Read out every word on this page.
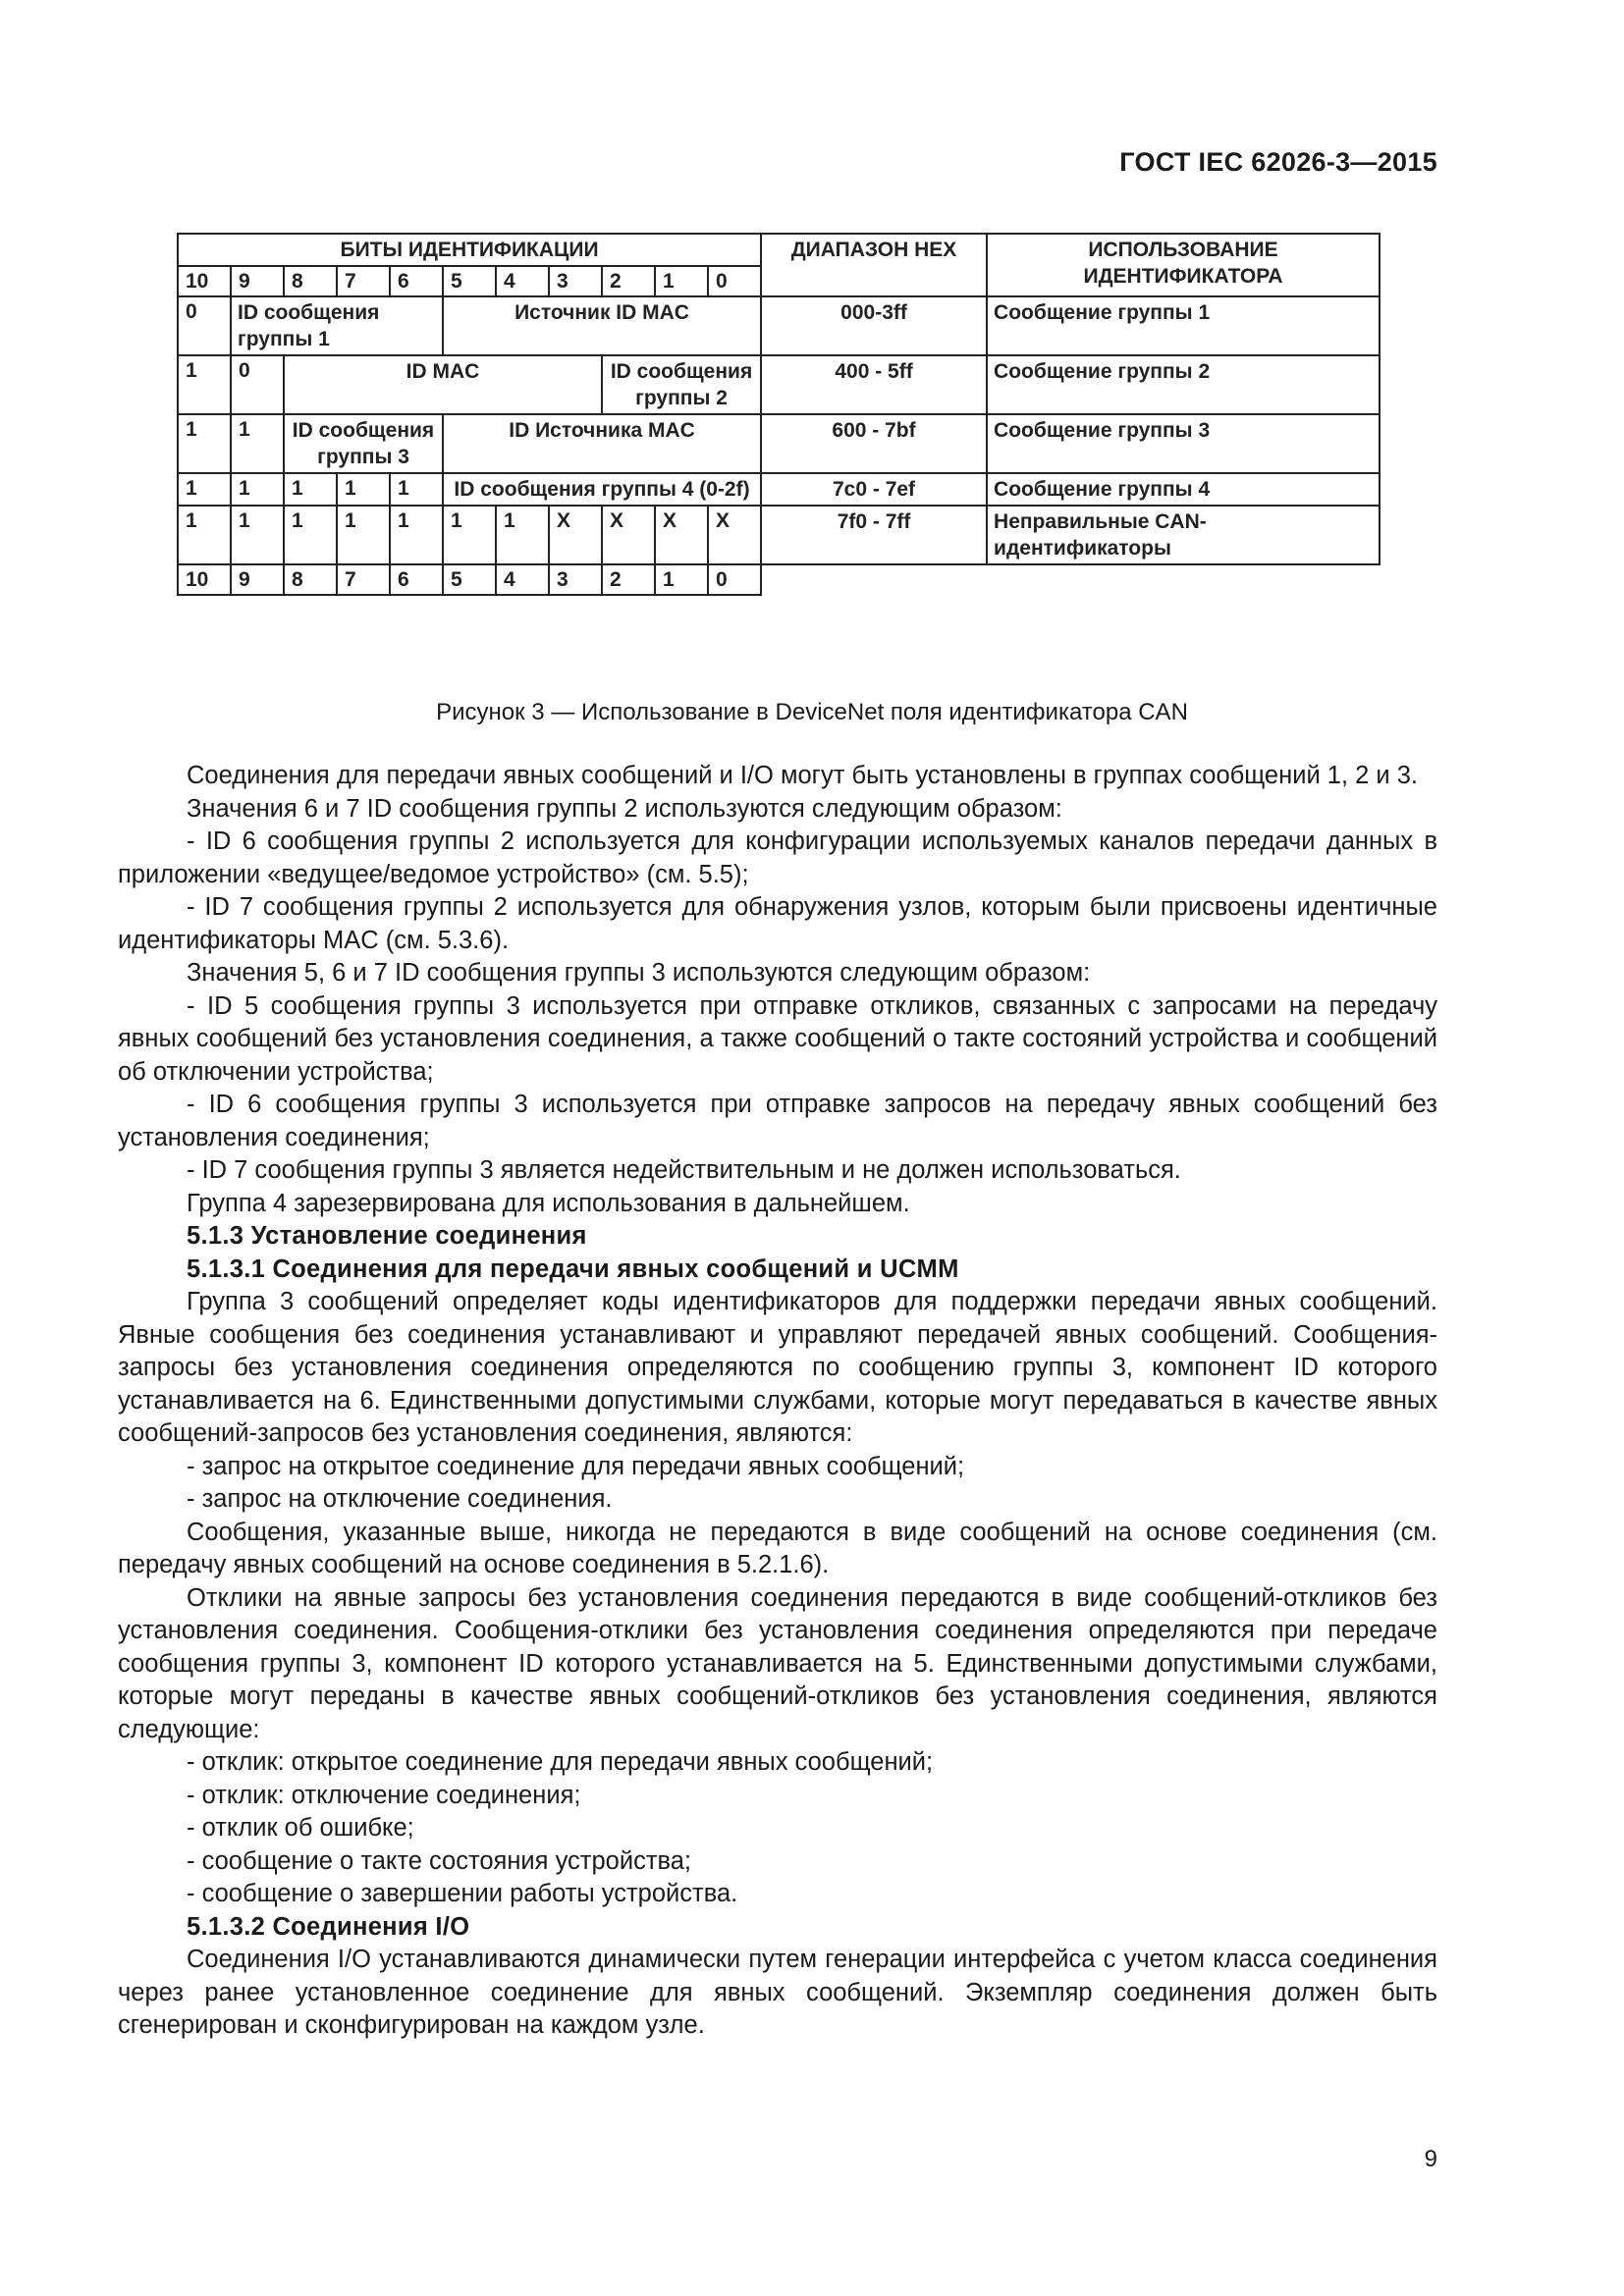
ГОСТ IEC 62026-3—2015
БИТЫ ИДЕНТИФИКАЦИИ											ДИАПАЗОН HEX	ИСПОЛЬЗОВАНИЕ ИДЕНТИФИКАТОРА
10	9	8	7	6	5	4	3	2	1	0		
0	ID сообщения группы 1				Источник ID MAC						000-3ff	Сообщение группы 1
1	0	ID MAC						ID сообщения группы 2			400 - 5ff	Сообщение группы 2
1	1	ID сообщения группы 3			ID Источника MAC						600 - 7bf	Сообщение группы 3
1	1	1	1	1	ID сообщения группы 4 (0-2f)						7c0 - 7ef	Сообщение группы 4
1	1	1	1	1	1	1	X	X	X	X	7f0 - 7ff	Неправильные CAN-идентификаторы
10	9	8	7	6	5	4	3	2	1	0		
Рисунок 3 — Использование в DeviceNet поля идентификатора CAN

Соединения для передачи явных сообщений и I/O могут быть установлены в группах сообщений 1, 2 и 3.

Значения 6 и 7 ID сообщения группы 2 используются следующим образом:

- ID 6 сообщения группы 2 используется для конфигурации используемых каналов передачи данных в приложении «ведущее/ведомое устройство» (см. 5.5);

- ID 7 сообщения группы 2 используется для обнаружения узлов, которым были присвоены идентичные идентификаторы MAC (см. 5.3.6).

Значения 5, 6 и 7 ID сообщения группы 3 используются следующим образом:

- ID 5 сообщения группы 3 используется при отправке откликов, связанных с запросами на передачу явных сообщений без установления соединения, а также сообщений о такте состояний устройства и сообщений об отключении устройства;

- ID 6 сообщения группы 3 используется при отправке запросов на передачу явных сообщений без установления соединения;

- ID 7 сообщения группы 3 является недействительным и не должен использоваться.

Группа 4 зарезервирована для использования в дальнейшем.

5.1.3 Установление соединения
5.1.3.1 Соединения для передачи явных сообщений и UCMM

Группа 3 сообщений определяет коды идентификаторов для поддержки передачи явных сообщений. Явные сообщения без соединения устанавливают и управляют передачей явных сообщений. Сообщения-запросы без установления соединения определяются по сообщению группы 3, компонент ID которого устанавливается на 6. Единственными допустимыми службами, которые могут передаваться в качестве явных сообщений-запросов без установления соединения, являются:

- запрос на открытое соединение для передачи явных сообщений;

- запрос на отключение соединения.

Сообщения, указанные выше, никогда не передаются в виде сообщений на основе соединения (см. передачу явных сообщений на основе соединения в 5.2.1.6).

Отклики на явные запросы без установления соединения передаются в виде сообщений-откликов без установления соединения. Сообщения-отклики без установления соединения определяются при передаче сообщения группы 3, компонент ID которого устанавливается на 5. Единственными допустимыми службами, которые могут переданы в качестве явных сообщений-откликов без установления соединения, являются следующие:

- отклик: открытое соединение для передачи явных сообщений;

- отклик: отключение соединения;

- отклик об ошибке;

- сообщение о такте состояния устройства;

- сообщение о завершении работы устройства.

5.1.3.2 Соединения I/O

Соединения I/O устанавливаются динамически путем генерации интерфейса с учетом класса соединения через ранее установленное соединение для явных сообщений. Экземпляр соединения должен быть сгенерирован и сконфигурирован на каждом узле.

9
